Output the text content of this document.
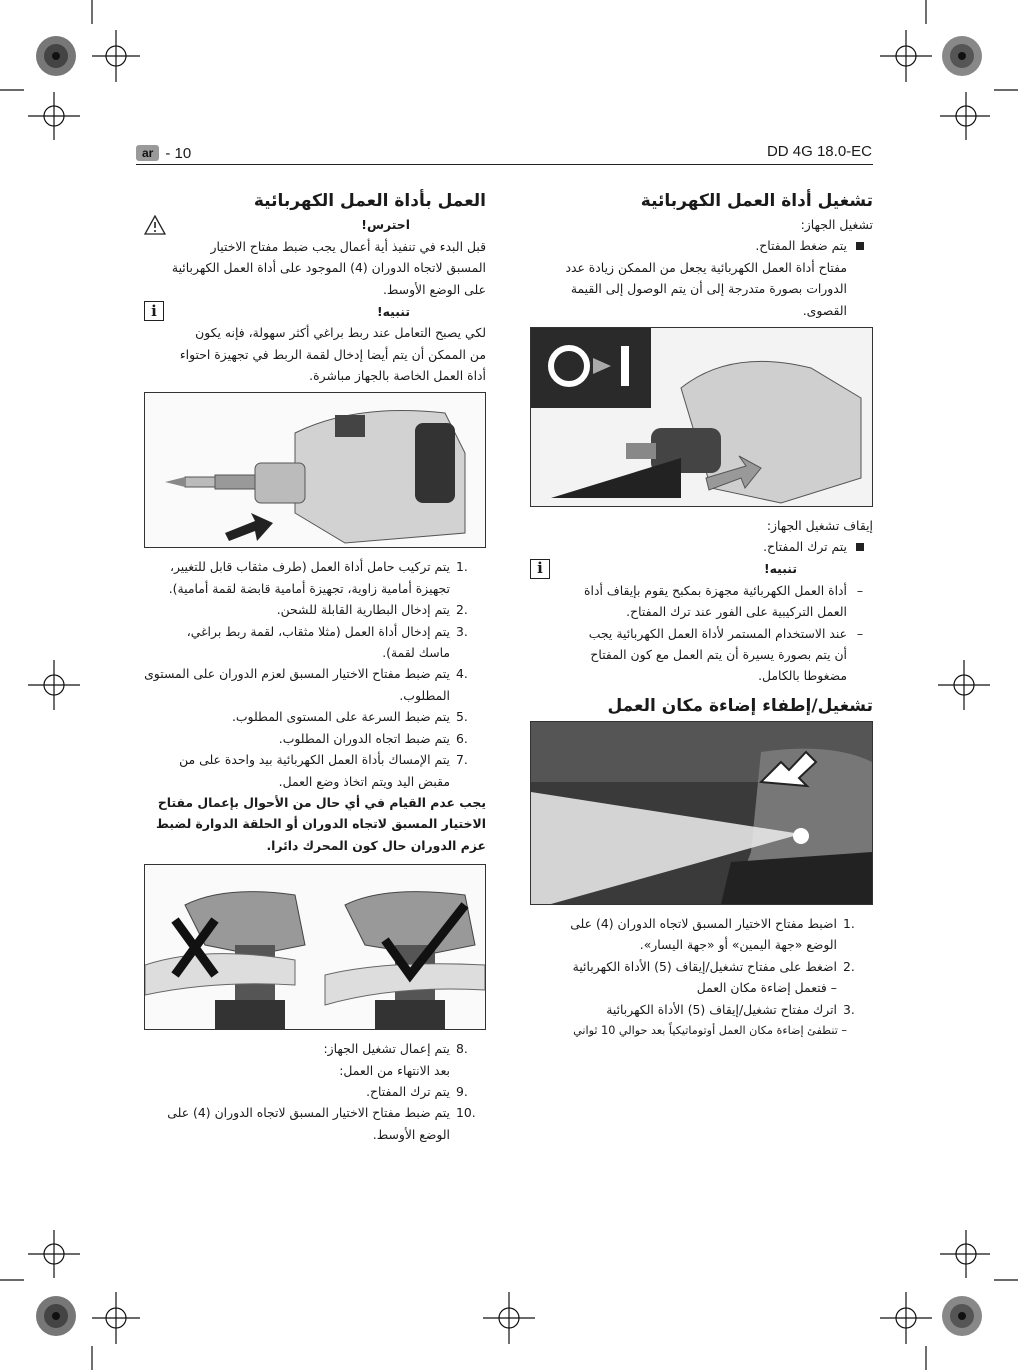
ar - 10	DD 4G 18.0-EC

تشغيل أداة العمل الكهربائية

تشغيل الجهاز:

يتم ضغط المفتاح.

مفتاح أداة العمل الكهربائية يجعل من الممكن زيادة عدد

الدورات بصورة متدرجة إلى أن يتم الوصول إلى القيمة

القصوى.

إيقاف تشغيل الجهاز:

يتم ترك المفتاح.
تنبيه!
i
–

أداة العمل الكهربائية مجهزة بمكبح يقوم بإيقاف أداة

العمل التركيبية على الفور عند ترك المفتاح.

–

عند الاستخدام المستمر لأداة العمل الكهربائية يجب

أن يتم بصورة يسيرة أن يتم العمل مع كون المفتاح

مضغوطا بالكامل.

تشغيل/إطفاء إضاءة مكان العمل

1.

اضبط مفتاح الاختيار المسبق لاتجاه الدوران (4) على

الوضع «جهة اليمين» أو «جهة اليسار».

2.

اضغط على مفتاح تشغيل/إيقاف (5) الأداة الكهربائية

– فتعمل إضاءة مكان العمل

3.

اترك مفتاح تشغيل/إيقاف (5) الأداة الكهربائية

– تنطفئ إضاءة مكان العمل أوتوماتيكياً بعد حوالي 10 ثواني

العمل بأداة العمل الكهربائية

احترس!

قبل البدء في تنفيذ أية أعمال يجب ضبط مفتاح الاختيار

المسبق لاتجاه الدوران (4) الموجود على أداة العمل الكهربائية

على الوضع الأوسط.

تنبيه!
i

لكي يصبح التعامل عند ربط براغي أكثر سهولة، فإنه يكون

من الممكن أن يتم أيضا إدخال لقمة الربط في تجهيزة احتواء

أداة العمل الخاصة بالجهاز مباشرة.

1.

يتم تركيب حامل أداة العمل (طرف مثقاب قابل للتغيير،

تجهيزة أمامية زاوية، تجهيزة أمامية قابضة لقمة أمامية).

2.

يتم إدخال البطارية القابلة للشحن.

3.

يتم إدخال أداة العمل (مثلا مثقاب، لقمة ربط براغي،

ماسك لقمة).

4.

يتم ضبط مفتاح الاختيار المسبق لعزم الدوران على المستوى

المطلوب.

5.

يتم ضبط السرعة على المستوى المطلوب.

6.

يتم ضبط اتجاه الدوران المطلوب.

7.

يتم الإمساك بأداة العمل الكهربائية بيد واحدة على من

مقبض اليد ويتم اتخاذ وضع العمل.

يجب عدم القيام في أي حال من الأحوال بإعمال مفتاح

الاختيار المسبق لاتجاه الدوران أو الحلقة الدوارة لضبط

عزم الدوران حال كون المحرك دائرا.

8.

يتم إعمال تشغيل الجهاز:

بعد الانتهاء من العمل:

9.

يتم ترك المفتاح.

10.

يتم ضبط مفتاح الاختيار المسبق لاتجاه الدوران (4) على

الوضع الأوسط.
